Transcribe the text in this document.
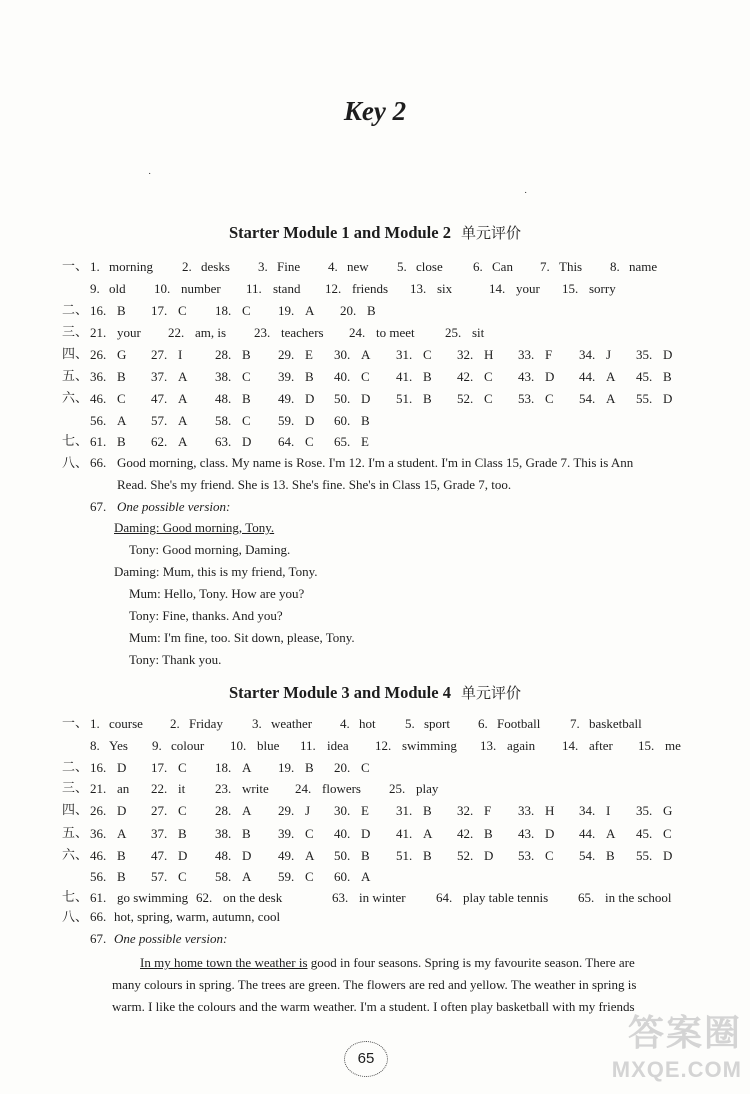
Key 2
˙
˙
Starter Module 1 and Module 2 单元评价
一、 1. morning 2. desks 3. Fine 4. new 5. close 6. Can 7. This 8. name
9. old 10. number 11. stand 12. friends 13. six	14. your 15. sorry
二、 16. B 17. C 18. C 19. A 20. B
三、 21. your 22. am, is 23. teachers 24. to meet 25. sit
四、 26. G 27. I	28. B 29. E 30. A 31. C 32. H 33. F 34. J 35. D
五、 36. B 37. A 38. C 39. B 40. C 41. B 42. C 43. D 44. A 45. B
六、 46. C 47. A 48. B 49. D 50. D 51. B 52. C 53. C 54. A 55. D
56. A 57. A 58. C 59. D 60. B
七、 61. B 62. A 63. D 64. C 65. E
八、 66. Good morning, class. My name is Rose. I'm 12. I'm a student. I'm in Class 15, Grade 7. This is Ann
Read. She's my friend. She is 13. She's fine. She's in Class 15, Grade 7, too.
67. One possible version:
Daming: Good morning, Tony.
Tony: Good morning, Daming.
Daming: Mum, this is my friend, Tony.
Mum: Hello, Tony. How are you?
Tony: Fine, thanks. And you?
Mum: I'm fine, too. Sit down, please, Tony.
Tony: Thank you.
Starter Module 3 and Module 4 单元评价
一、 1. course 2. Friday 3. weather 4. hot 5. sport 6. Football 7. basketball
8. Yes 9. colour 10. blue 11. idea 12. swimming 13. again 14. after 15. me
二、 16. D 17. C 18. A 19. B 20. C
三、 21. an 22. it 23. write 24. flowers 25. play
四、 26. D 27. C 28. A 29. J 30. E 31. B 32. F 33. H 34. I 35. G
五、 36. A 37. B 38. B 39. C 40. D 41. A 42. B 43. D 44. A 45. C
六、 46. B 47. D 48. D 49. A 50. B 51. B 52. D 53. C 54. B 55. D
56. B 57. C 58. A 59. C 60. A
七、 61. go swimming 62. on the desk	63. in winter 64. play table tennis 65. in the school
八、 66. hot, spring, warm, autumn, cool
67. One possible version:
In my home town the weather is good in four seasons. Spring is my favourite season. There are
many colours in spring. The trees are green. The flowers are red and yellow. The weather in spring is
warm. I like the colours and the warm weather. I'm a student. I often play basketball with my friends
65
答案圈
MXQE.COM
